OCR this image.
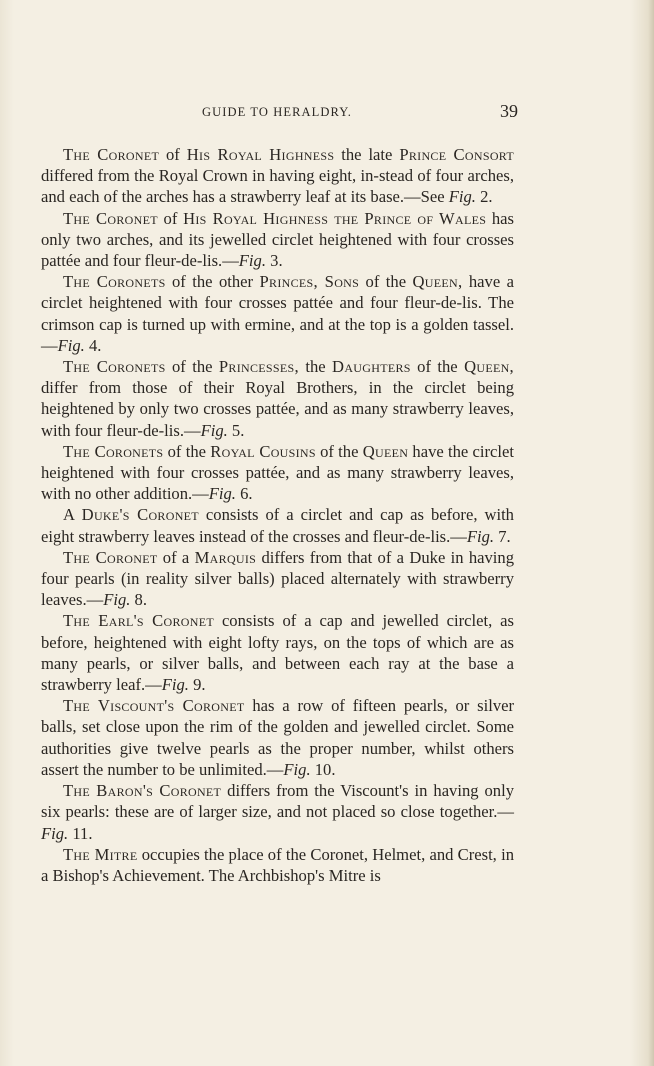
GUIDE TO HERALDRY.	39

The Coronet of His Royal Highness the late Prince Consort differed from the Royal Crown in having eight, in-stead of four arches, and each of the arches has a strawberry leaf at its base.—See Fig. 2.

The Coronet of His Royal Highness the Prince of Wales has only two arches, and its jewelled circlet heightened with four crosses pattée and four fleur-de-lis.—Fig. 3.

The Coronets of the other Princes, Sons of the Queen, have a circlet heightened with four crosses pattée and four fleur-de-lis. The crimson cap is turned up with ermine, and at the top is a golden tassel.—Fig. 4.

The Coronets of the Princesses, the Daughters of the Queen, differ from those of their Royal Brothers, in the circlet being heightened by only two crosses pattée, and as many strawberry leaves, with four fleur-de-lis.—Fig. 5.

The Coronets of the Royal Cousins of the Queen have the circlet heightened with four crosses pattée, and as many strawberry leaves, with no other addition.—Fig. 6.

A Duke's Coronet consists of a circlet and cap as before, with eight strawberry leaves instead of the crosses and fleur-de-lis.—Fig. 7.

The Coronet of a Marquis differs from that of a Duke in having four pearls (in reality silver balls) placed alternately with strawberry leaves.—Fig. 8.

The Earl's Coronet consists of a cap and jewelled circlet, as before, heightened with eight lofty rays, on the tops of which are as many pearls, or silver balls, and between each ray at the base a strawberry leaf.—Fig. 9.

The Viscount's Coronet has a row of fifteen pearls, or silver balls, set close upon the rim of the golden and jewelled circlet. Some authorities give twelve pearls as the proper number, whilst others assert the number to be unlimited.—Fig. 10.

The Baron's Coronet differs from the Viscount's in having only six pearls: these are of larger size, and not placed so close together.—Fig. 11.

The Mitre occupies the place of the Coronet, Helmet, and Crest, in a Bishop's Achievement. The Archbishop's Mitre is
